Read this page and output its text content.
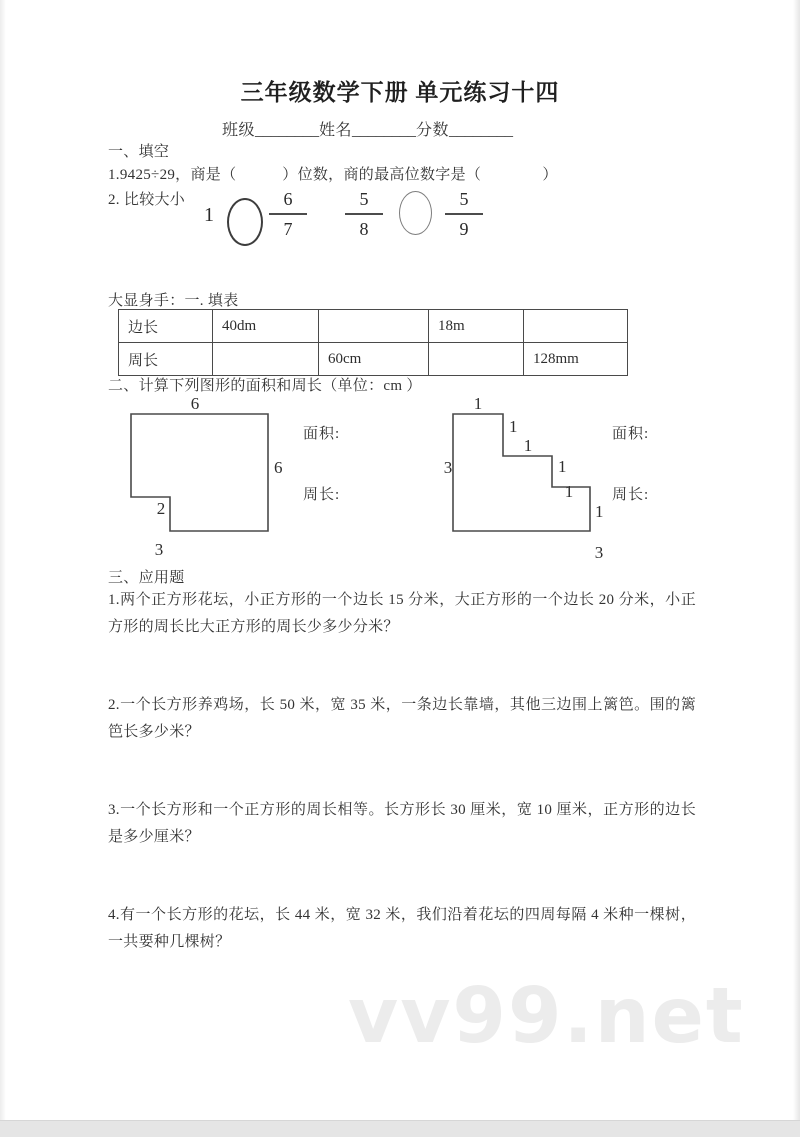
三年级数学下册 单元练习十四
班级________姓名________分数________
一、填空
1.9425÷29，商是（　　　）位数，商的最高位数字是（　　　　）
2. 比较大小
1	$\frac{6}{7} \frac{5}{8}$	$\frac{5}{9}$
大显身手：一. 填表
边长	40dm		18m	
周长		60cm		128mm
二、计算下列图形的面积和周长（单位：cm ）
6
6
2
3
面积:
周长:
1
1
1
1
1
1
3
3
面积:
周长:
三、应用题
1.两个正方形花坛，小正方形的一个边长 15 分米，大正方形的一个边长 20 分米，小正方形的周长比大正方形的周长少多少分米？
2.一个长方形养鸡场，长 50 米，宽 35 米，一条边长靠墙，其他三边围上篱笆。围的篱笆长多少米？
3.一个长方形和一个正方形的周长相等。长方形长 30 厘米，宽 10 厘米，正方形的边长是多少厘米？
4.有一个长方形的花坛，长 44 米，宽 32 米，我们沿着花坛的四周每隔 4 米种一棵树，一共要种几棵树？
vv99.net
